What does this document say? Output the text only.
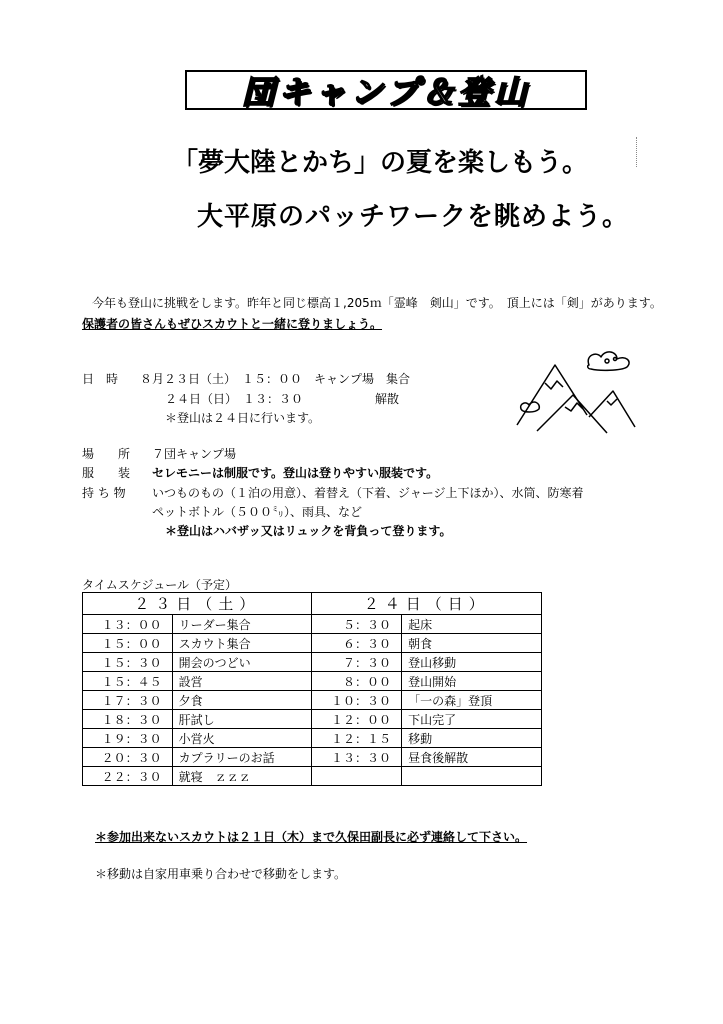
団キャンプ＆登山
「夢大陸とかち」の夏を楽しもう。
大平原のパッチワークを眺めよう。
今年も登山に挑戦をします。昨年と同じ標高１,205ｍ「霊峰　剣山」です。　頂上には「剣」があります。
保護者の皆さんもぜひスカウトと一緒に登りましょう。
日　時 ８月２３日（土）　１５：００　キャンプ場　集合
２４日（日）　１３：３０　　　　　　解散
＊登山は２４日に行います。
場　　所 ７団キャンプ場
服　　装 セレモニーは制服です。登山は登りやすい服装です。
持 ち 物 いつものもの（１泊の用意）、着替え（下着、ジャージ上下ほか）、水筒、防寒着
ペットボトル（５００㍉）、雨具、など
＊登山はハバザッ又はリュックを背負って登ります。
タイムスケジュール（予定）
２３日（土）		２４日（日）	
１３：００	リーダー集合	５：３０	起床
１５：００	スカウト集合	６：３０	朝食
１５：３０	開会のつどい	７：３０	登山移動
１５：４５	設営	８：００	登山開始
１７：３０	夕食	１０：３０	「一の森」登頂
１８：３０	肝試し	１２：００	下山完了
１９：３０	小営火	１２：１５	移動
２０：３０	カプラリーのお話	１３：３０	昼食後解散
２２：３０	就寝　ｚｚｚ		
＊参加出来ないスカウトは２１日（木）まで久保田副長に必ず連絡して下さい。
＊移動は自家用車乗り合わせで移動をします。
